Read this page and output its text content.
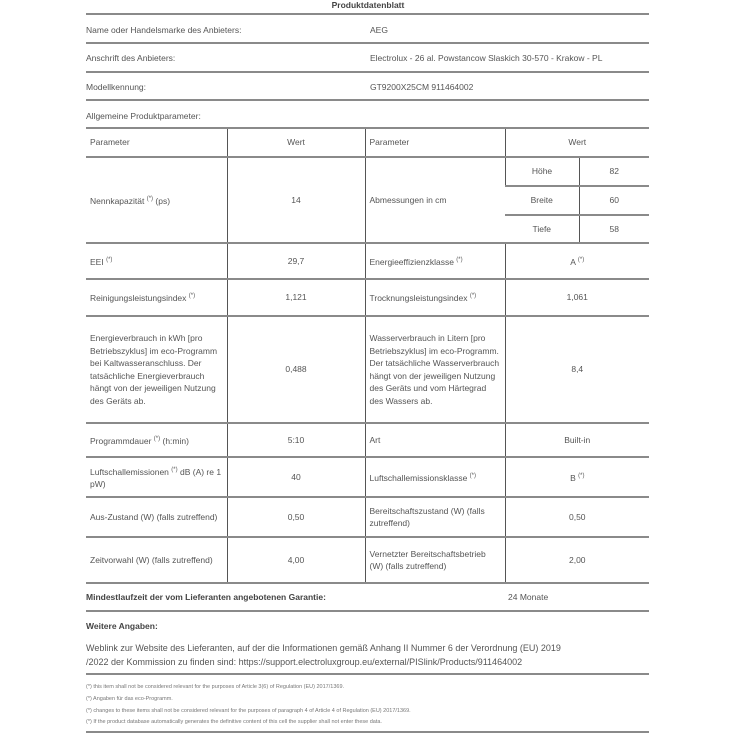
Produktdatenblatt
Name oder Handelsmarke des Anbieters:	AEG
Anschrift des Anbieters:	Electrolux - 26 al. Powstancow Slaskich 30-570 - Krakow - PL
Modellkennung:	GT9200X25CM 911464002
Allgemeine Produktparameter:
Parameter	Wert	Parameter	Wert	
Nennkapazität (*) (ps)	14	Abmessungen in cm	Höhe	82
			Breite	60
			Tiefe	58
EEI (*)	29,7	Energieeffizienzklasse (*)	A (*)
Reinigungsleistungsindex (*)	1,121	Trocknungsleistungsindex (*)	1,061	
Energieverbrauch in kWh [pro Betriebszyklus] im eco-Programm bei Kaltwasseranschluss. Der tatsächliche Energieverbrauch hängt von der jeweiligen Nutzung des Geräts ab.	0,488	Wasserverbrauch in Litern [pro Betriebszyklus] im eco-Programm. Der tatsächliche Wasserverbrauch hängt von der jeweiligen Nutzung des Geräts und vom Härtegrad des Wassers ab.	8,4	
Programmdauer (*) (h:min)	5:10	Art	Built-in	
Luftschallemissionen (*) dB (A) re 1 pW)	40	Luftschallemissionsklasse (*)	B (*)
Aus-Zustand (W) (falls zutreffend)	0,50	Bereitschaftszustand (W) (falls zutreffend)	0,50	
Zeitvorwahl (W) (falls zutreffend)	4,00	Vernetzter Bereitschaftsbetrieb (W) (falls zutreffend)	2,00	
Mindestlaufzeit der vom Lieferanten angebotenen Garantie:	24 Monate
Weitere Angaben:
Weblink zur Website des Lieferanten, auf der die Informationen gemäß Anhang II Nummer 6 der Verordnung (EU) 2019
/2022 der Kommission zu finden sind: https://support.electroluxgroup.eu/external/PISlink/Products/911464002
(*) this item shall not be considered relevant for the purposes of Article 3(6) of Regulation (EU) 2017/1369.
(*) Angaben für das eco-Programm.
(*) changes to these items shall not be considered relevant for the purposes of paragraph 4 of Article 4 of Regulation (EU) 2017/1369.
(*) If the product database automatically generates the definitive content of this cell the supplier shall not enter these data.
